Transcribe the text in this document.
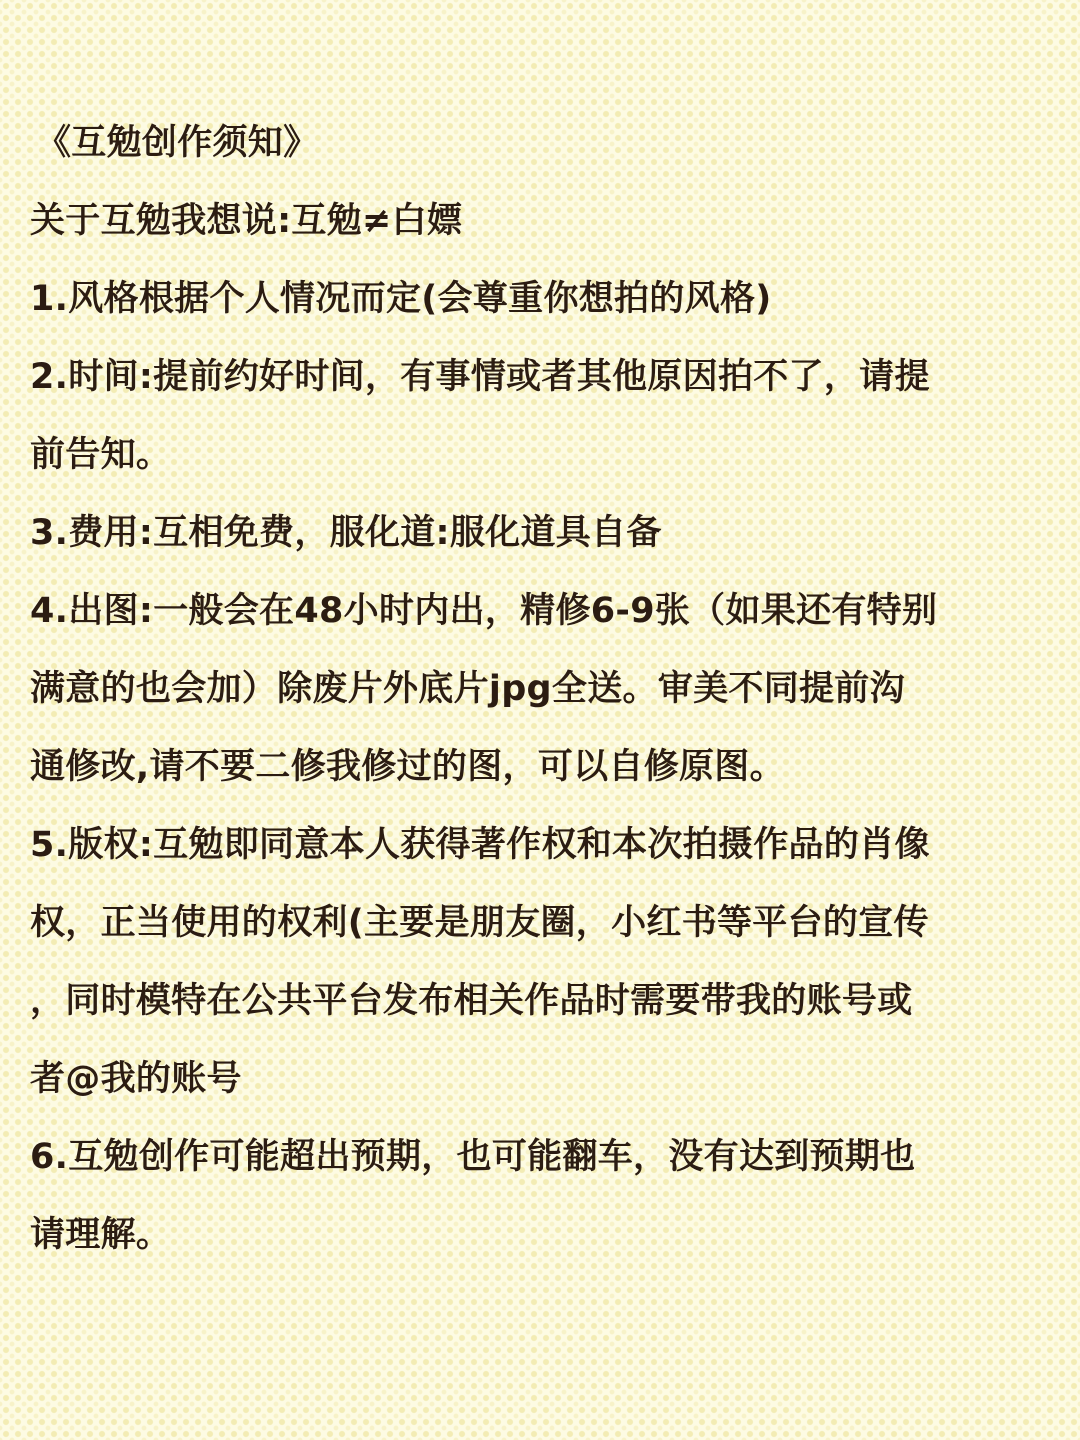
《互勉创作须知》
关于互勉我想说:互勉≠白嫖
1.风格根据个人情况而定(会尊重你想拍的风格)
2.时间:提前约好时间，有事情或者其他原因拍不了，请提
前告知。
3.费用:互相免费，服化道:服化道具自备
4.出图:一般会在48小时内出，精修6-9张（如果还有特别
满意的也会加）除废片外底片jpg全送。审美不同提前沟
通修改,请不要二修我修过的图，可以自修原图。
5.版权:互勉即同意本人获得著作权和本次拍摄作品的肖像
权，正当使用的权利(主要是朋友圈，小红书等平台的宣传
，同时模特在公共平台发布相关作品时需要带我的账号或
者@我的账号
6.互勉创作可能超出预期，也可能翻车，没有达到预期也
请理解。
